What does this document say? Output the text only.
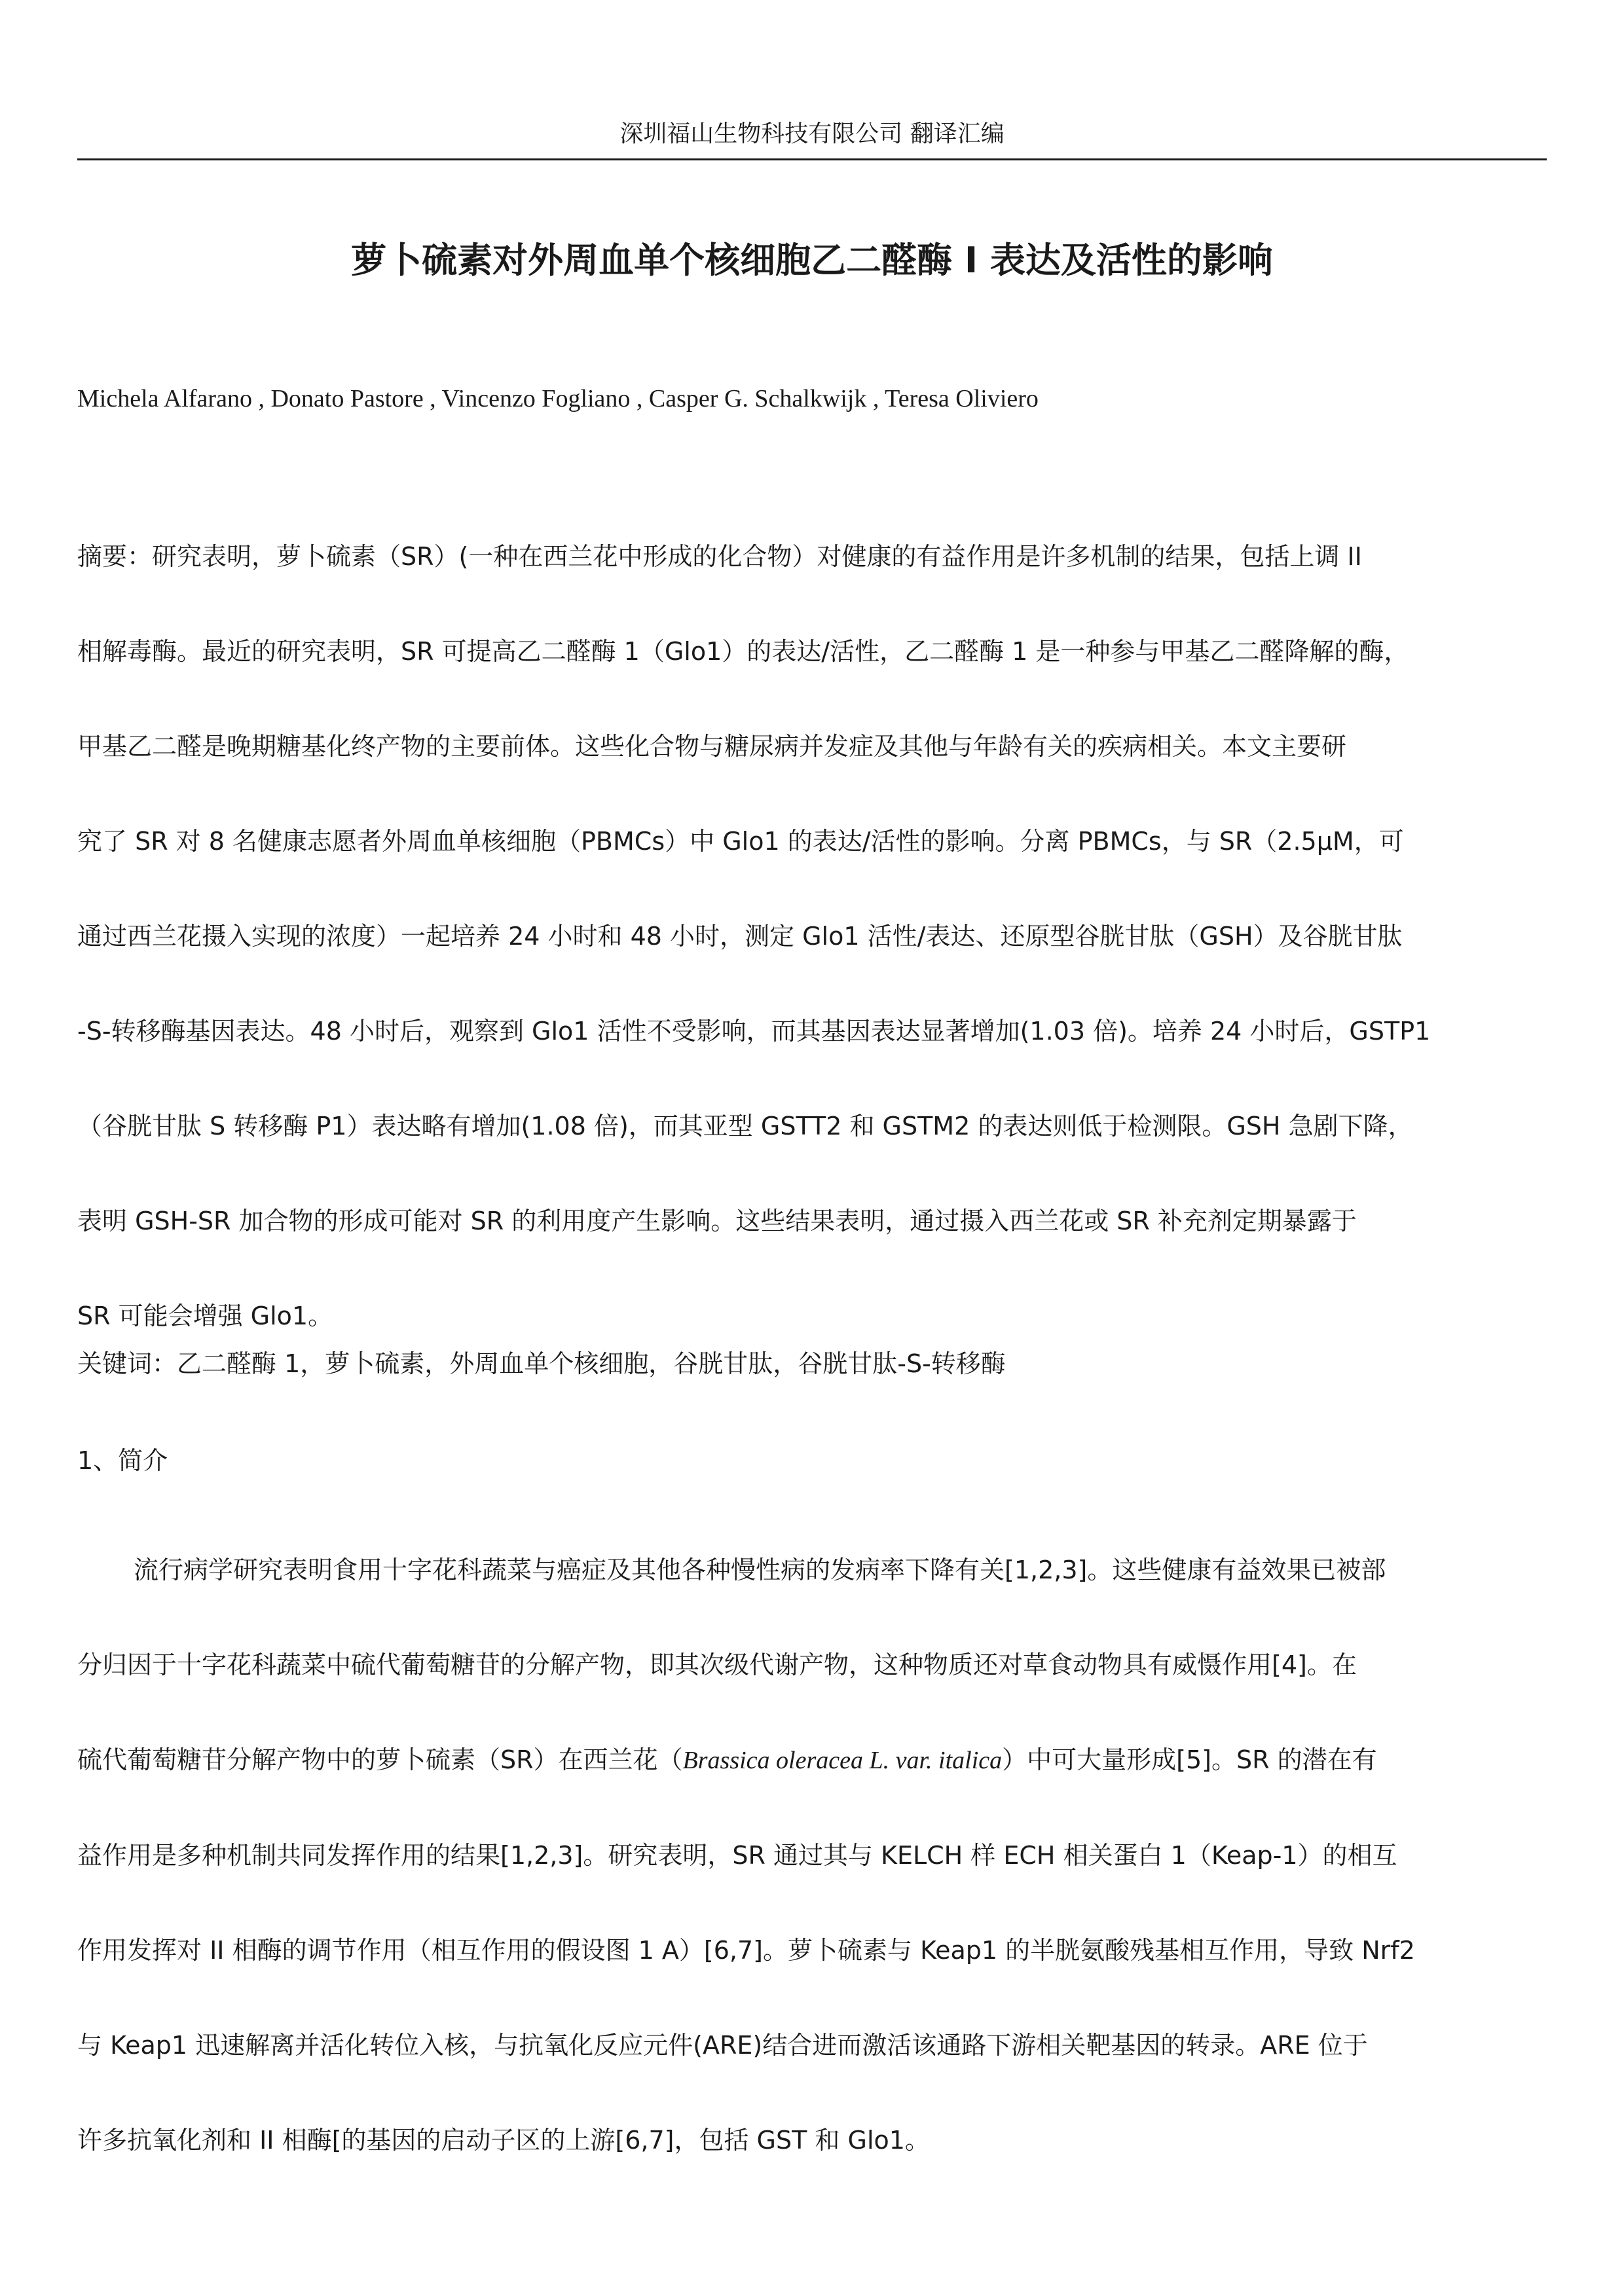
深圳福山生物科技有限公司 翻译汇编
萝卜硫素对外周血单个核细胞乙二醛酶 I 表达及活性的影响
Michela Alfarano , Donato Pastore , Vincenzo Fogliano , Casper G. Schalkwijk , Teresa Oliviero

摘要：研究表明，萝卜硫素（SR）(一种在西兰花中形成的化合物）对健康的有益作用是许多机制的结果，包括上调 II
相解毒酶。最近的研究表明，SR 可提高乙二醛酶 1（Glo1）的表达/活性，乙二醛酶 1 是一种参与甲基乙二醛降解的酶，
甲基乙二醛是晚期糖基化终产物的主要前体。这些化合物与糖尿病并发症及其他与年龄有关的疾病相关。本文主要研
究了 SR 对 8 名健康志愿者外周血单核细胞（PBMCs）中 Glo1 的表达/活性的影响。分离 PBMCs，与 SR（2.5μM，可
通过西兰花摄入实现的浓度）一起培养 24 小时和 48 小时，测定 Glo1 活性/表达、还原型谷胱甘肽（GSH）及谷胱甘肽
-S-转移酶基因表达。48 小时后，观察到 Glo1 活性不受影响，而其基因表达显著增加(1.03 倍)。培养 24 小时后，GSTP1
（谷胱甘肽 S 转移酶 P1）表达略有增加(1.08 倍)，而其亚型 GSTT2 和 GSTM2 的表达则低于检测限。GSH 急剧下降，
表明 GSH-SR 加合物的形成可能对 SR 的利用度产生影响。这些结果表明，通过摄入西兰花或 SR 补充剂定期暴露于
SR 可能会增强 Glo1。

关键词：乙二醛酶 1，萝卜硫素，外周血单个核细胞，谷胱甘肽，谷胱甘肽-S-转移酶

1、简介

流行病学研究表明食用十字花科蔬菜与癌症及其他各种慢性病的发病率下降有关[1,2,3]。这些健康有益效果已被部
分归因于十字花科蔬菜中硫代葡萄糖苷的分解产物，即其次级代谢产物，这种物质还对草食动物具有威慑作用[4]。在
硫代葡萄糖苷分解产物中的萝卜硫素（SR）在西兰花（Brassica oleracea L. var. italica）中可大量形成[5]。SR 的潜在有
益作用是多种机制共同发挥作用的结果[1,2,3]。研究表明，SR 通过其与 KELCH 样 ECH 相关蛋白 1（Keap-1）的相互
作用发挥对 II 相酶的调节作用（相互作用的假设图 1 A）[6,7]。萝卜硫素与 Keap1 的半胱氨酸残基相互作用，导致 Nrf2
与 Keap1 迅速解离并活化转位入核，与抗氧化反应元件(ARE)结合进而激活该通路下游相关靶基因的转录。ARE 位于
许多抗氧化剂和 II 相酶[的基因的启动子区的上游[6,7]，包括 GST 和 Glo1。
